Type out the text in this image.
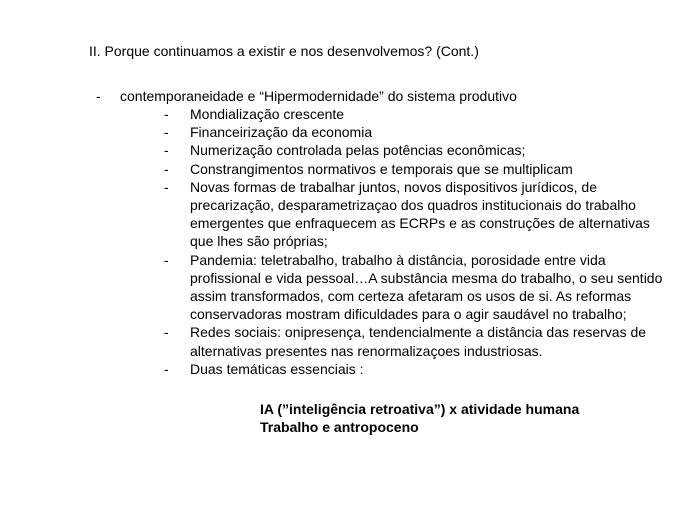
II. Porque continuamos a existir e nos desenvolvemos? (Cont.)
- contemporaneidade e “Hipermodernidade” do sistema produtivo
- Mondialização crescente
- Financeirização da economia
- Numerização controlada pelas potências econômicas;
- Constrangimentos normativos e temporais que se multiplicam
- Novas formas de trabalhar juntos, novos dispositivos jurídicos, de precarização, desparametrizaçao dos quadros institucionais do trabalho emergentes que enfraquecem as ECRPs e as construções de alternativas que lhes são próprias;
- Pandemia: teletrabalho, trabalho à distância, porosidade entre vida profissional e vida pessoal…A substância mesma do trabalho, o seu sentido assim transformados, com certeza afetaram os usos de si. As reformas conservadoras mostram dificuldades para o agir saudável no trabalho;
- Redes sociais: onipresença, tendencialmente a distância das reservas de alternativas presentes nas renormalizaçoes industriosas.
- Duas temáticas essenciais :
IA (”inteligência retroativa”) x atividade humana
Trabalho e antropoceno
